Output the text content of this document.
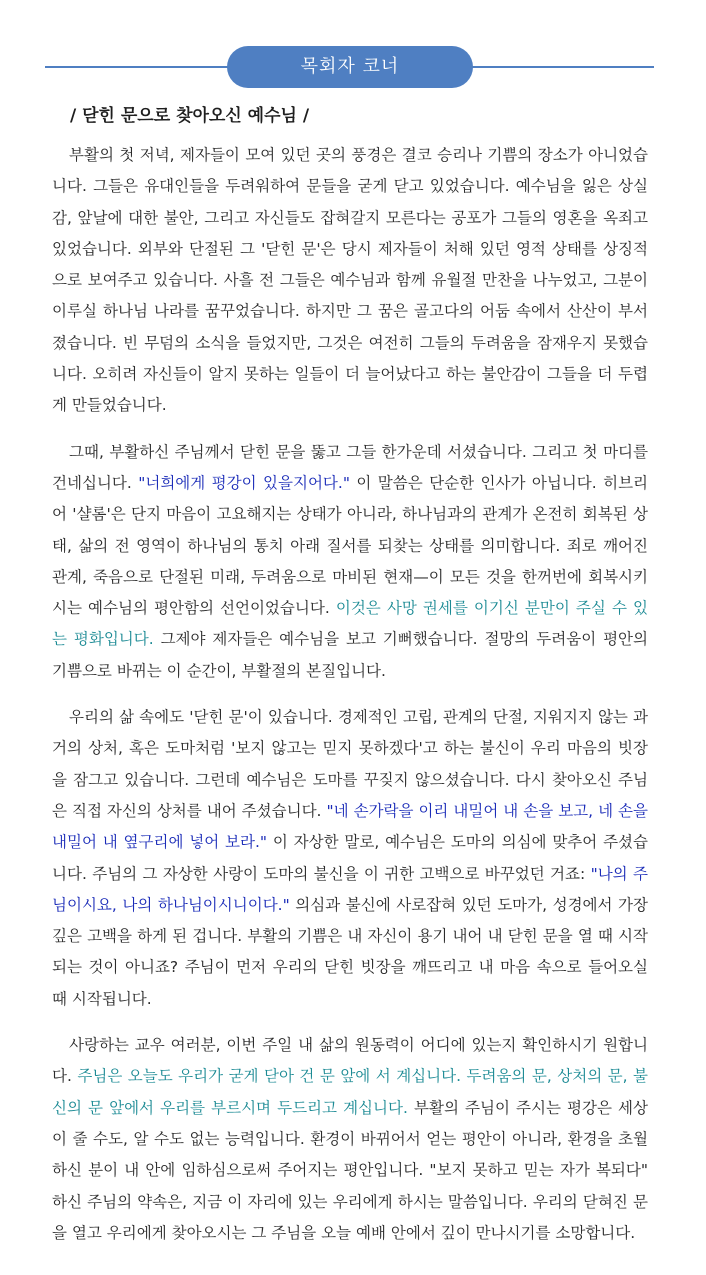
목회자 코너
/ 닫힌 문으로 찾아오신 예수님 /

부활의 첫 저녁, 제자들이 모여 있던 곳의 풍경은 결코 승리나 기쁨의 장소가 아니었습니다. 그들은 유대인들을 두려워하여 문들을 굳게 닫고 있었습니다. 예수님을 잃은 상실감, 앞날에 대한 불안, 그리고 자신들도 잡혀갈지 모른다는 공포가 그들의 영혼을 옥죄고 있었습니다. 외부와 단절된 그 '닫힌 문'은 당시 제자들이 처해 있던 영적 상태를 상징적으로 보여주고 있습니다. 사흘 전 그들은 예수님과 함께 유월절 만찬을 나누었고, 그분이 이루실 하나님 나라를 꿈꾸었습니다. 하지만 그 꿈은 골고다의 어둠 속에서 산산이 부서졌습니다. 빈 무덤의 소식을 들었지만, 그것은 여전히 그들의 두려움을 잠재우지 못했습니다. 오히려 자신들이 알지 못하는 일들이 더 늘어났다고 하는 불안감이 그들을 더 두렵게 만들었습니다.

그때, 부활하신 주님께서 닫힌 문을 뚫고 그들 한가운데 서셨습니다. 그리고 첫 마디를 건네십니다. "너희에게 평강이 있을지어다." 이 말씀은 단순한 인사가 아닙니다. 히브리어 '샬롬'은 단지 마음이 고요해지는 상태가 아니라, 하나님과의 관계가 온전히 회복된 상태, 삶의 전 영역이 하나님의 통치 아래 질서를 되찾는 상태를 의미합니다. 죄로 깨어진 관계, 죽음으로 단절된 미래, 두려움으로 마비된 현재—이 모든 것을 한꺼번에 회복시키시는 예수님의 평안함의 선언이었습니다. 이것은 사망 권세를 이기신 분만이 주실 수 있는 평화입니다. 그제야 제자들은 예수님을 보고 기뻐했습니다. 절망의 두려움이 평안의 기쁨으로 바뀌는 이 순간이, 부활절의 본질입니다.

우리의 삶 속에도 '닫힌 문'이 있습니다. 경제적인 고립, 관계의 단절, 지워지지 않는 과거의 상처, 혹은 도마처럼 '보지 않고는 믿지 못하겠다'고 하는 불신이 우리 마음의 빗장을 잠그고 있습니다. 그런데 예수님은 도마를 꾸짖지 않으셨습니다. 다시 찾아오신 주님은 직접 자신의 상처를 내어 주셨습니다. "네 손가락을 이리 내밀어 내 손을 보고, 네 손을 내밀어 내 옆구리에 넣어 보라." 이 자상한 말로, 예수님은 도마의 의심에 맞추어 주셨습니다. 주님의 그 자상한 사랑이 도마의 불신을 이 귀한 고백으로 바꾸었던 거죠: "나의 주님이시요, 나의 하나님이시니이다." 의심과 불신에 사로잡혀 있던 도마가, 성경에서 가장 깊은 고백을 하게 된 겁니다. 부활의 기쁨은 내 자신이 용기 내어 내 닫힌 문을 열 때 시작되는 것이 아니죠? 주님이 먼저 우리의 닫힌 빗장을 깨뜨리고 내 마음 속으로 들어오실 때 시작됩니다.

사랑하는 교우 여러분, 이번 주일 내 삶의 원동력이 어디에 있는지 확인하시기 원합니다. 주님은 오늘도 우리가 굳게 닫아 건 문 앞에 서 계십니다. 두려움의 문, 상처의 문, 불신의 문 앞에서 우리를 부르시며 두드리고 계십니다. 부활의 주님이 주시는 평강은 세상이 줄 수도, 알 수도 없는 능력입니다. 환경이 바뀌어서 얻는 평안이 아니라, 환경을 초월하신 분이 내 안에 임하심으로써 주어지는 평안입니다. "보지 못하고 믿는 자가 복되다" 하신 주님의 약속은, 지금 이 자리에 있는 우리에게 하시는 말씀입니다. 우리의 닫혀진 문을 열고 우리에게 찾아오시는 그 주님을 오늘 예배 안에서 깊이 만나시기를 소망합니다.
